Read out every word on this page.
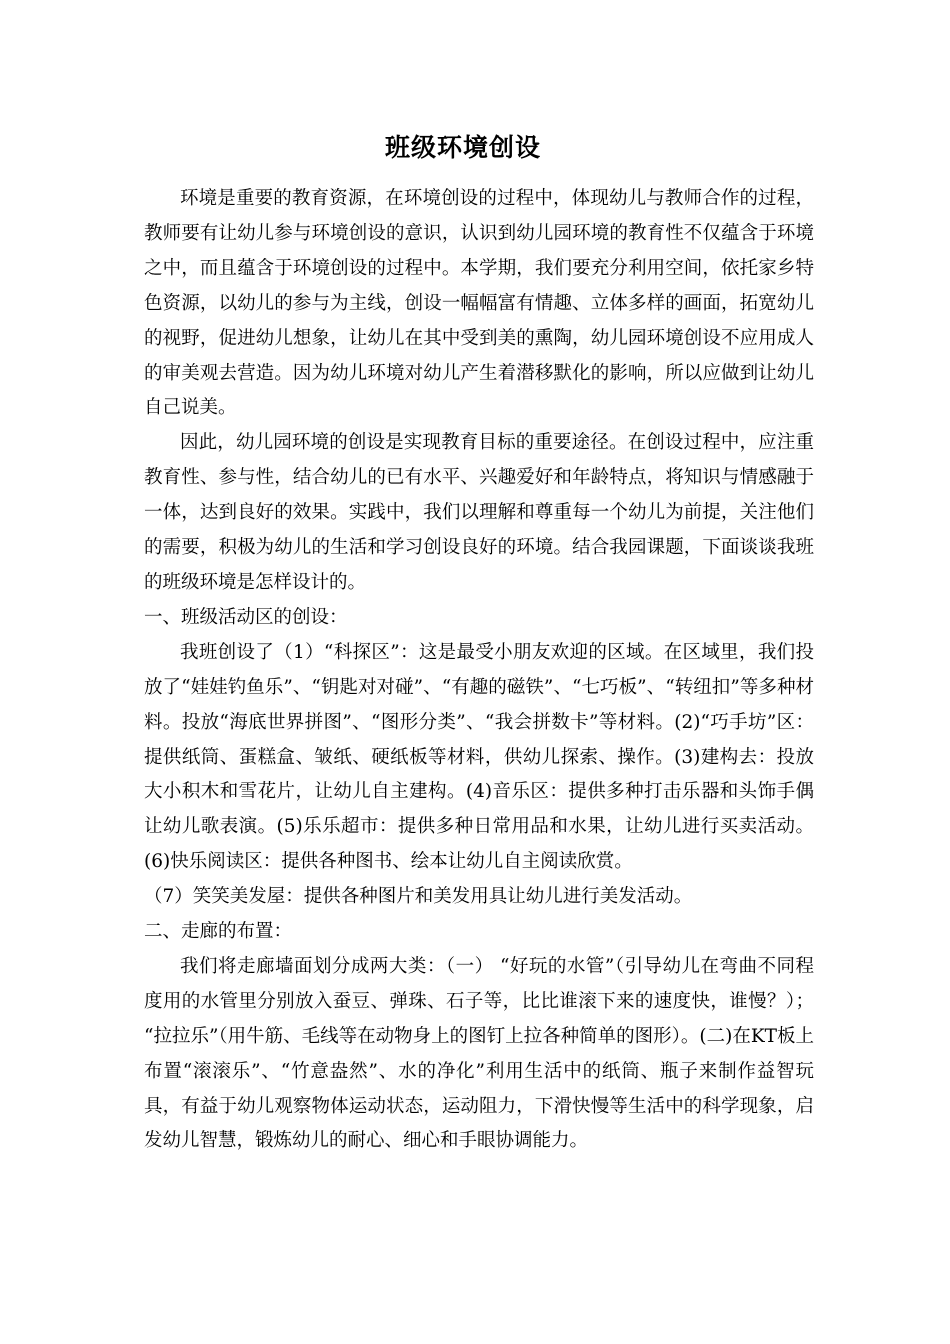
班级环境创设

环境是重要的教育资源，在环境创设的过程中，体现幼儿与教师合作的过程，教师要有让幼儿参与环境创设的意识，认识到幼儿园环境的教育性不仅蕴含于环境之中，而且蕴含于环境创设的过程中。本学期，我们要充分利用空间，依托家乡特色资源，以幼儿的参与为主线，创设一幅幅富有情趣、立体多样的画面，拓宽幼儿的视野，促进幼儿想象，让幼儿在其中受到美的熏陶，幼儿园环境创设不应用成人的审美观去营造。因为幼儿环境对幼儿产生着潜移默化的影响，所以应做到让幼儿自己说美。

因此，幼儿园环境的创设是实现教育目标的重要途径。在创设过程中，应注重教育性、参与性，结合幼儿的已有水平、兴趣爱好和年龄特点，将知识与情感融于一体，达到良好的效果。实践中，我们以理解和尊重每一个幼儿为前提，关注他们的需要，积极为幼儿的生活和学习创设良好的环境。结合我园课题，下面谈谈我班的班级环境是怎样设计的。

一、班级活动区的创设：

我班创设了（1）“科探区”：这是最受小朋友欢迎的区域。在区域里，我们投放了“娃娃钓鱼乐”、“钥匙对对碰”、“有趣的磁铁”、“七巧板”、“转纽扣”等多种材料。投放“海底世界拼图”、“图形分类”、“我会拼数卡”等材料。(2)“巧手坊”区：提供纸筒、蛋糕盒、皱纸、硬纸板等材料，供幼儿探索、操作。(3)建构去：投放大小积木和雪花片，让幼儿自主建构。(4)音乐区：提供多种打击乐器和头饰手偶让幼儿歌表演。(5)乐乐超市：提供多种日常用品和水果，让幼儿进行买卖活动。(6)快乐阅读区：提供各种图书、绘本让幼儿自主阅读欣赏。

（7）笑笑美发屋：提供各种图片和美发用具让幼儿进行美发活动。

二、走廊的布置：

我们将走廊墙面划分成两大类：（一） “好玩的水管”（引导幼儿在弯曲不同程度用的水管里分别放入蚕豆、弹珠、石子等，比比谁滚下来的速度快，谁慢？）； “拉拉乐”（用牛筋、毛线等在动物身上的图钉上拉各种简单的图形）。(二)在KT板上布置“滚滚乐”、“竹意盎然”、水的净化”利用生活中的纸筒、瓶子来制作益智玩具，有益于幼儿观察物体运动状态，运动阻力，下滑快慢等生活中的科学现象，启发幼儿智慧，锻炼幼儿的耐心、细心和手眼协调能力。
